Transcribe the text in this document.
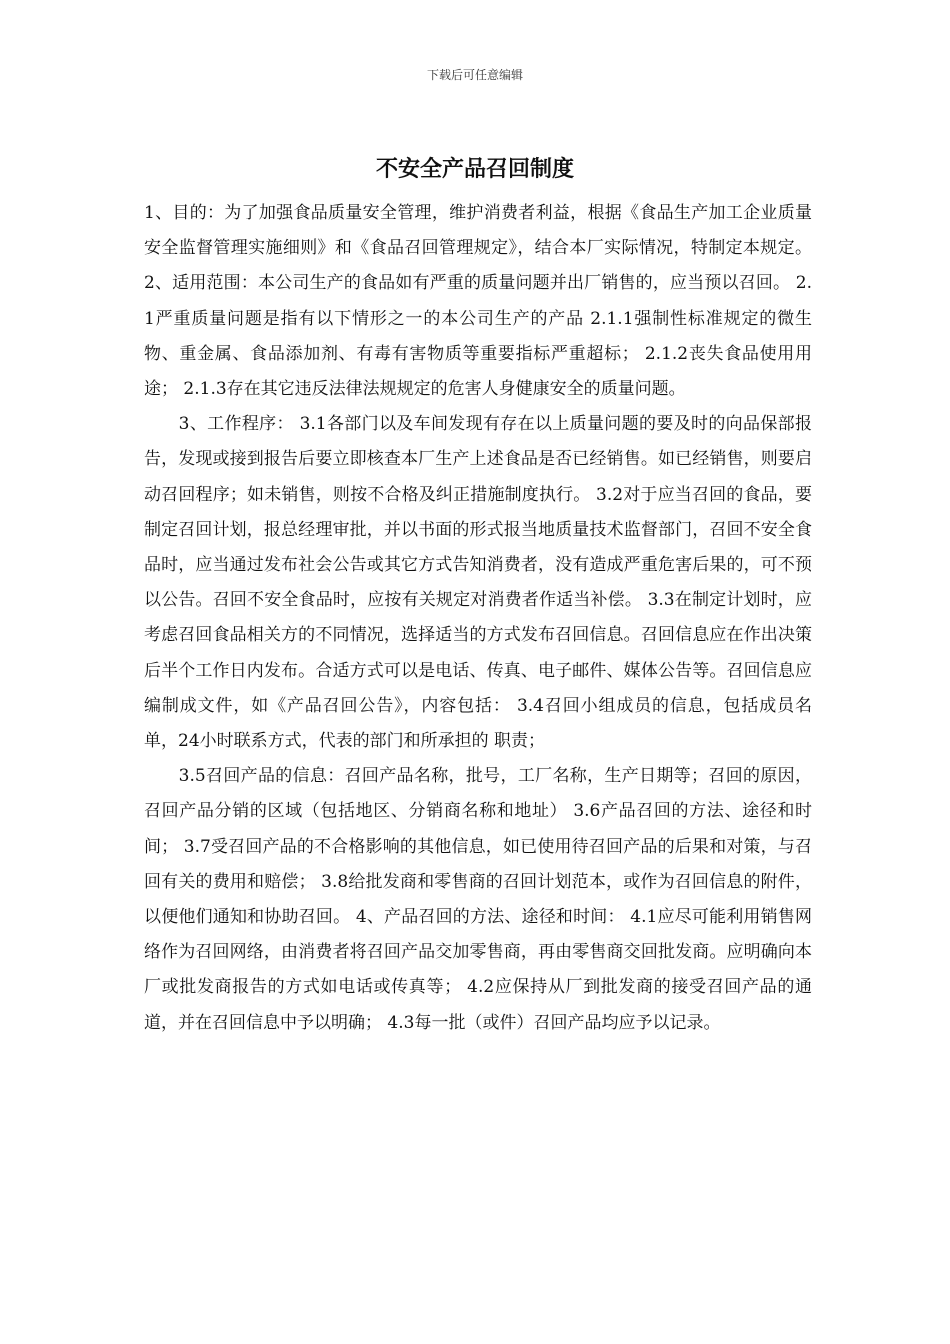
下载后可任意编辑
不安全产品召回制度

1、目的：为了加强食品质量安全管理，维护消费者利益，根据《食品生产加工企业质量安全监督管理实施细则》和《食品召回管理规定》，结合本厂实际情况，特制定本规定。 2、适用范围：本公司生产的食品如有严重的质量问题并出厂销售的，应当预以召回。 2.1严重质量问题是指有以下情形之一的本公司生产的产品 2.1.1强制性标准规定的微生物、重金属、食品添加剂、有毒有害物质等重要指标严重超标； 2.1.2丧失食品使用用途； 2.1.3存在其它违反法律法规规定的危害人身健康安全的质量问题。

　　3、工作程序： 3.1各部门以及车间发现有存在以上质量问题的要及时的向品保部报告，发现或接到报告后要立即核查本厂生产上述食品是否已经销售。如已经销售，则要启动召回程序；如未销售，则按不合格及纠正措施制度执行。 3.2对于应当召回的食品，要制定召回计划，报总经理审批，并以书面的形式报当地质量技术监督部门，召回不安全食品时，应当通过发布社会公告或其它方式告知消费者，没有造成严重危害后果的，可不预以公告。召回不安全食品时，应按有关规定对消费者作适当补偿。 3.3在制定计划时，应考虑召回食品相关方的不同情况，选择适当的方式发布召回信息。召回信息应在作出决策后半个工作日内发布。合适方式可以是电话、传真、电子邮件、媒体公告等。召回信息应编制成文件，如《产品召回公告》，内容包括： 3.4召回小组成员的信息，包括成员名单，24小时联系方式，代表的部门和所承担的 职责；

　　3.5召回产品的信息：召回产品名称，批号，工厂名称，生产日期等；召回的原因，召回产品分销的区域（包括地区、分销商名称和地址） 3.6产品召回的方法、途径和时间； 3.7受召回产品的不合格影响的其他信息，如已使用待召回产品的后果和对策，与召回有关的费用和赔偿； 3.8给批发商和零售商的召回计划范本，或作为召回信息的附件，以便他们通知和协助召回。 4、产品召回的方法、途径和时间： 4.1应尽可能利用销售网络作为召回网络，由消费者将召回产品交加零售商，再由零售商交回批发商。应明确向本厂或批发商报告的方式如电话或传真等； 4.2应保持从厂到批发商的接受召回产品的通道，并在召回信息中予以明确； 4.3每一批（或件）召回产品均应予以记录。
